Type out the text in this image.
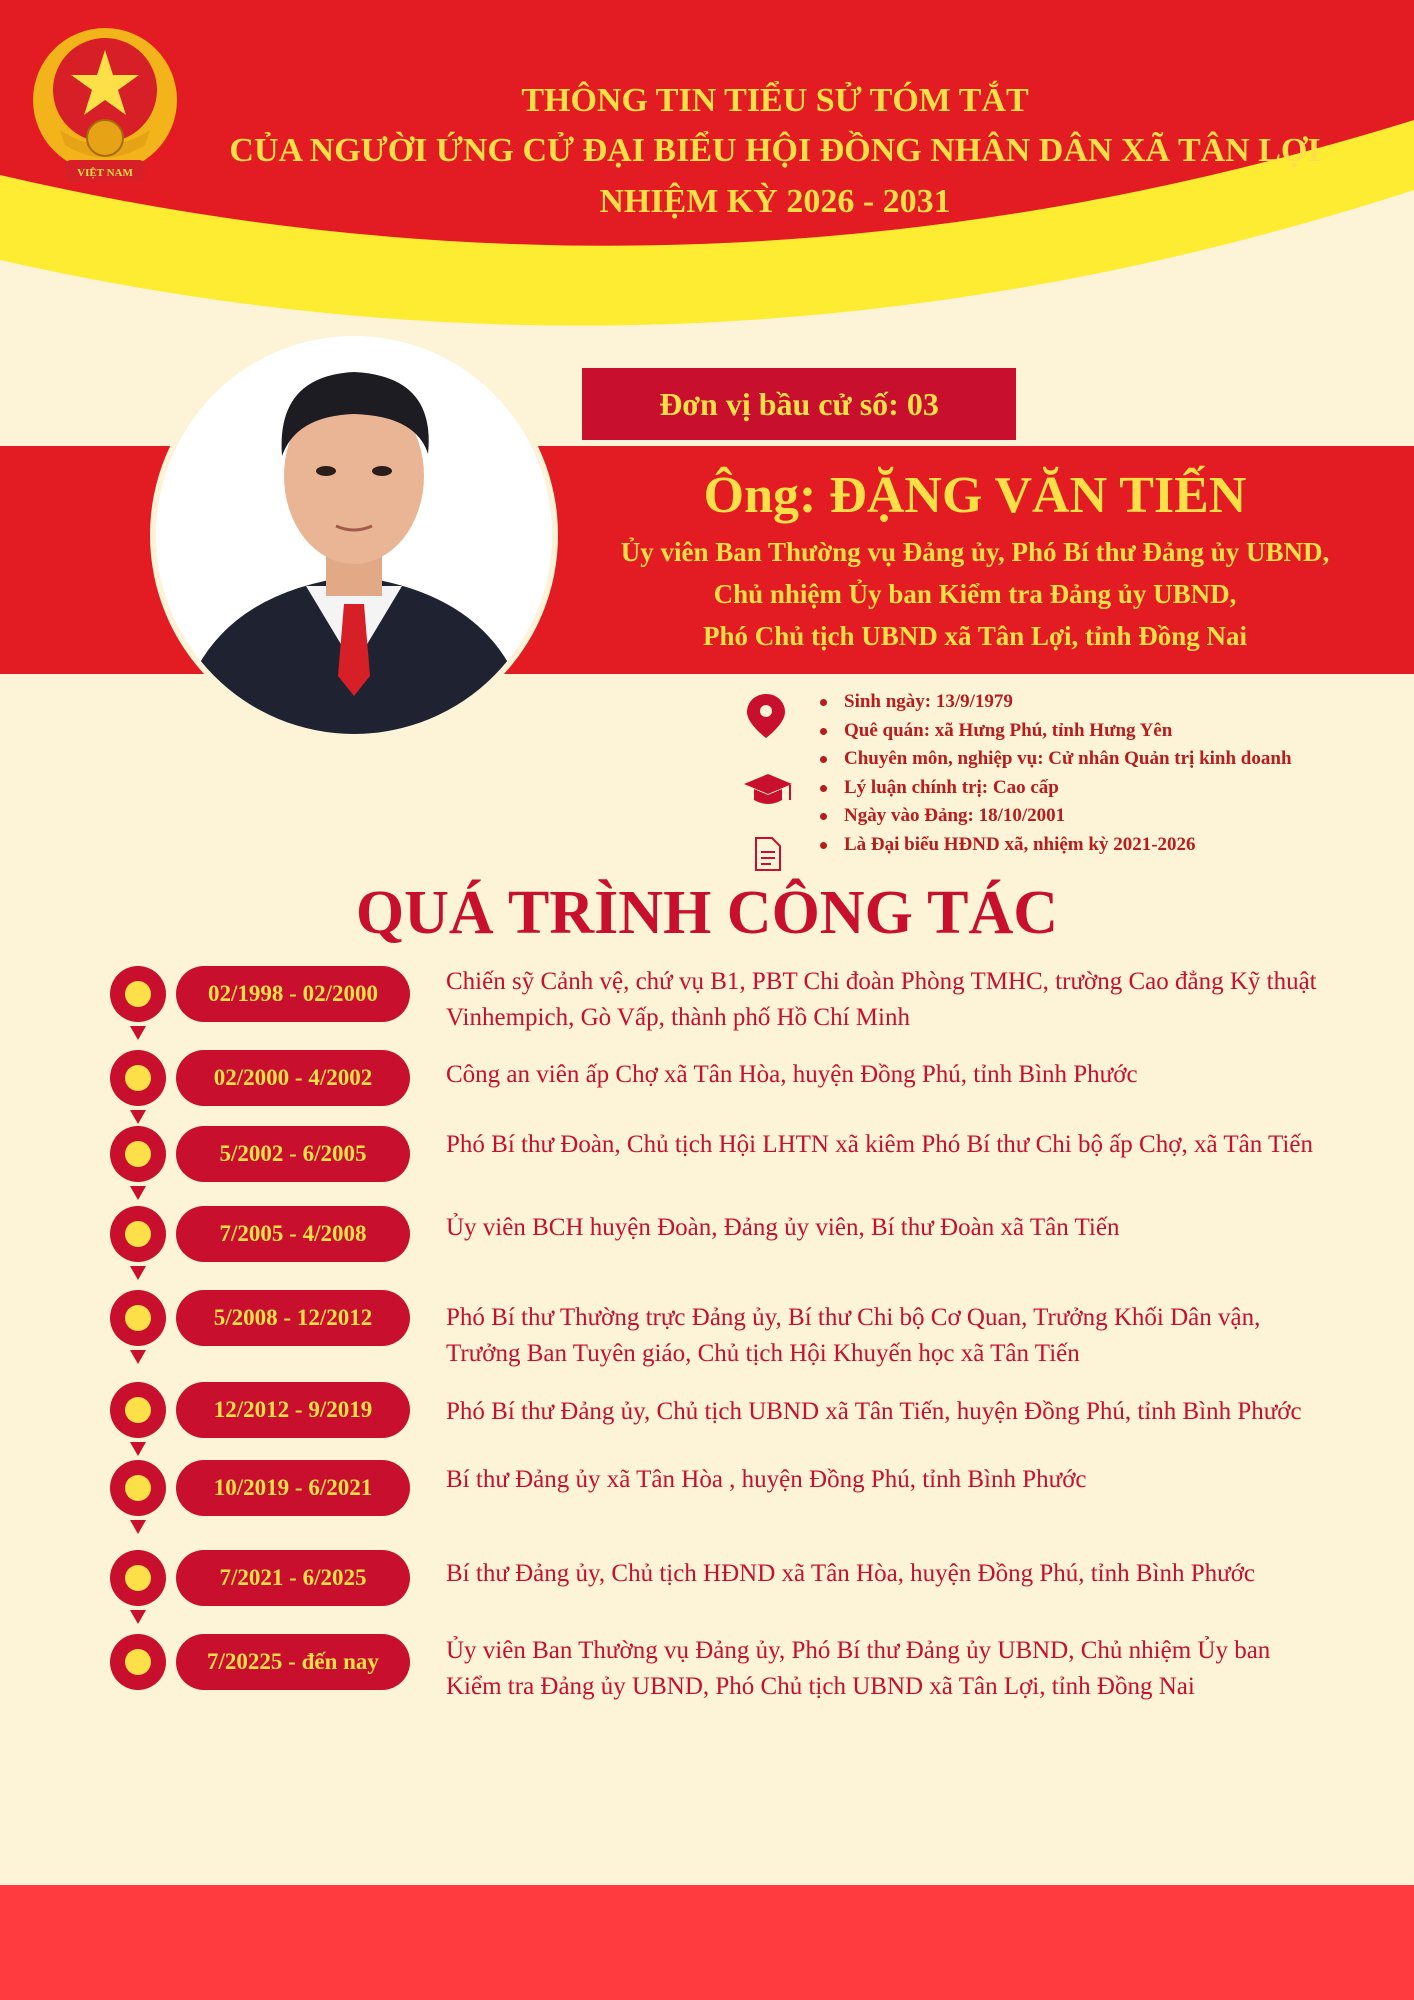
VIỆT NAM
THÔNG TIN TIỂU SỬ TÓM TẮT
CỦA NGƯỜI ỨNG CỬ ĐẠI BIỂU HỘI ĐỒNG NHÂN DÂN XÃ TÂN LỢI
NHIỆM KỲ 2026 - 2031
Đơn vị bầu cử số: 03
Ông: ĐẶNG VĂN TIẾN
Ủy viên Ban Thường vụ Đảng ủy, Phó Bí thư Đảng ủy UBND,
Chủ nhiệm Ủy ban Kiểm tra Đảng ủy UBND,
Phó Chủ tịch UBND xã Tân Lợi, tỉnh Đồng Nai
Sinh ngày: 13/9/1979
Quê quán: xã Hưng Phú, tỉnh Hưng Yên
Chuyên môn, nghiệp vụ: Cử nhân Quản trị kinh doanh
Lý luận chính trị: Cao cấp
Ngày vào Đảng: 18/10/2001
Là Đại biểu HĐND xã, nhiệm kỳ 2021-2026
QUÁ TRÌNH CÔNG TÁC
02/1998 - 02/2000	Chiến sỹ Cảnh vệ, chứ vụ B1, PBT Chi đoàn Phòng TMHC, trường Cao đẳng Kỹ thuật
Vinhempich, Gò Vấp, thành phố Hồ Chí Minh
02/2000 - 4/2002	Công an viên ấp Chợ xã Tân Hòa, huyện Đồng Phú, tỉnh Bình Phước
5/2002 - 6/2005	Phó Bí thư Đoàn, Chủ tịch Hội LHTN xã kiêm Phó Bí thư Chi bộ ấp Chợ, xã Tân Tiến
7/2005 - 4/2008	Ủy viên BCH huyện Đoàn, Đảng ủy viên, Bí thư Đoàn xã Tân Tiến
5/2008 - 12/2012	Phó Bí thư Thường trực Đảng ủy, Bí thư Chi bộ Cơ Quan, Trưởng Khối Dân vận,
Trưởng Ban Tuyên giáo, Chủ tịch Hội Khuyến học xã Tân Tiến
12/2012 - 9/2019	Phó Bí thư Đảng ủy, Chủ tịch UBND xã Tân Tiến, huyện Đồng Phú, tỉnh Bình Phước
10/2019 - 6/2021	Bí thư Đảng ủy xã Tân Hòa , huyện Đồng Phú, tỉnh Bình Phước
7/2021 - 6/2025	Bí thư Đảng ủy, Chủ tịch HĐND xã Tân Hòa, huyện Đồng Phú, tỉnh Bình Phước
7/20225 - đến nay	Ủy viên Ban Thường vụ Đảng ủy, Phó Bí thư Đảng ủy UBND, Chủ nhiệm Ủy ban
Kiểm tra Đảng ủy UBND, Phó Chủ tịch UBND xã Tân Lợi, tỉnh Đồng Nai
